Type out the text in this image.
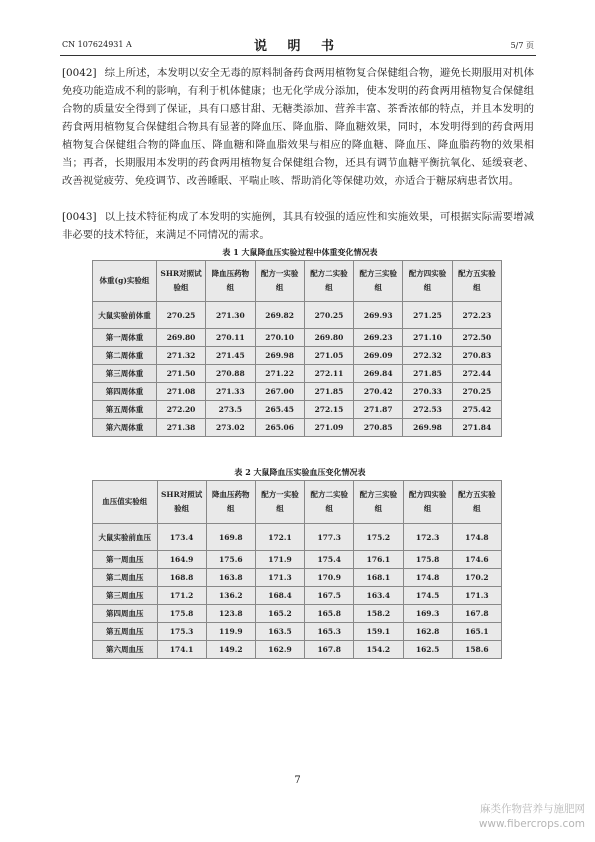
CN 107624931 A	说 明 书	5/7 页
[0042] 综上所述，本发明以安全无毒的原料制备药食两用植物复合保健组合物，避免长期服用对机体免疫功能造成不利的影响，有利于机体健康；也无化学成分添加，使本发明的药食两用植物复合保健组合物的质量安全得到了保证，具有口感甘甜、无糖类添加、营养丰富、茶香浓郁的特点，并且本发明的药食两用植物复合保健组合物具有显著的降血压、降血脂、降血糖效果，同时，本发明得到的药食两用植物复合保健组合物的降血压、降血糖和降血脂效果与相应的降血糖、降血压、降血脂药物的效果相当；再者，长期服用本发明的药食两用植物复合保健组合物，还具有调节血糖平衡抗氧化、延缓衰老、改善视觉疲劳、免疫调节、改善睡眠、平喘止咳、帮助消化等保健功效，亦适合于糖尿病患者饮用。
[0043] 以上技术特征构成了本发明的实施例，其具有较强的适应性和实施效果，可根据实际需要增减非必要的技术特征，来满足不同情况的需求。
表 1 大鼠降血压实验过程中体重变化情况表
体重(g)实验组	SHR对照试验组	降血压药物组	配方一实验组	配方二实验组	配方三实验组	配方四实验组	配方五实验组
大鼠实验前体重	270.25	271.30	269.82	270.25	269.93	271.25	272.23
第一周体重	269.80	270.11	270.10	269.80	269.23	271.10	272.50
第二周体重	271.32	271.45	269.98	271.05	269.09	272.32	270.83
第三周体重	271.50	270.88	271.22	272.11	269.84	271.85	272.44
第四周体重	271.08	271.33	267.00	271.85	270.42	270.33	270.25
第五周体重	272.20	273.5	265.45	272.15	271.87	272.53	275.42
第六周体重	271.38	273.02	265.06	271.09	270.85	269.98	271.84
表 2 大鼠降血压实验血压变化情况表
血压值实验组	SHR对照试验组	降血压药物组	配方一实验组	配方二实验组	配方三实验组	配方四实验组	配方五实验组
大鼠实验前血压	173.4	169.8	172.1	177.3	175.2	172.3	174.8
第一周血压	164.9	175.6	171.9	175.4	176.1	175.8	174.6
第二周血压	168.8	163.8	171.3	170.9	168.1	174.8	170.2
第三周血压	171.2	136.2	168.4	167.5	163.4	174.5	171.3
第四周血压	175.8	123.8	165.2	165.8	158.2	169.3	167.8
第五周血压	175.3	119.9	163.5	165.3	159.1	162.8	165.1
第六周血压	174.1	149.2	162.9	167.8	154.2	162.5	158.6
7
麻类作物营养与施肥网
www.fibercrops.com
